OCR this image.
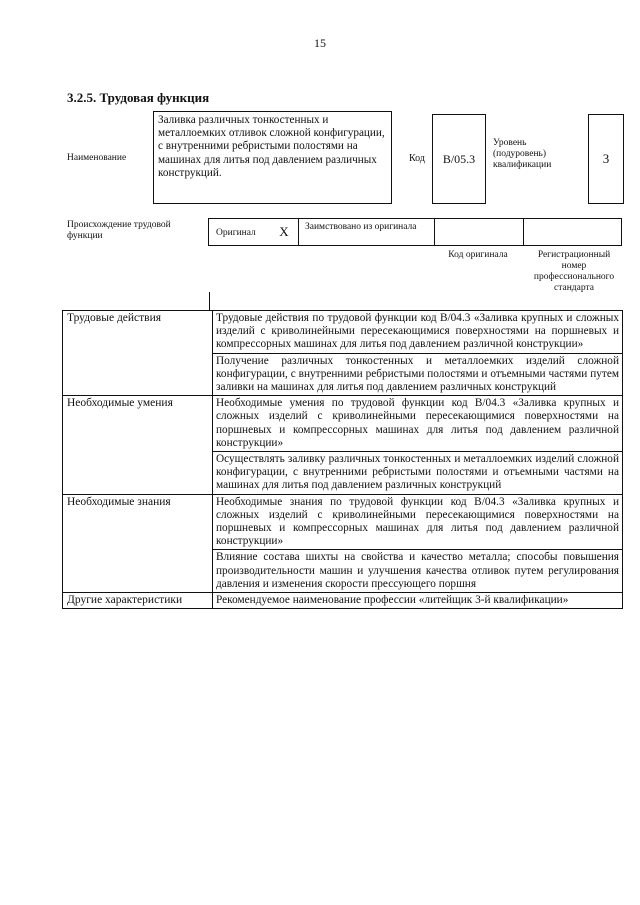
15
3.2.5. Трудовая функция
Наименование
Заливка различных тонкостенных и металлоемких отливок сложной конфигурации, с внутренними ребристыми полостями на машинах для литья под давлением различных конструкций.
Код	B/05.3
Уровень (подуровень) квалификации	3
Происхождение трудовой функции	Оригинал	X	Заимствовано из оригинала
Код оригинала	Регистрационный номер профессионального стандарта
Трудовые действия	Трудовые действия по трудовой функции код В/04.3 «Заливка крупных и сложных изделий с криволинейными пересекающимися поверхностями на поршневых и компрессорных машинах для литья под давлением различной конструкции»
	Получение различных тонкостенных и металлоемких изделий сложной конфигурации, с внутренними ребристыми полостями и отъемными частями путем заливки на машинах для литья под давлением различных конструкций
Необходимые умения	Необходимые умения по трудовой функции код В/04.3 «Заливка крупных и сложных изделий с криволинейными пересекающимися поверхностями на поршневых и компрессорных машинах для литья под давлением различной конструкции»
	Осуществлять заливку различных тонкостенных и металлоемких изделий сложной конфигурации, с внутренними ребристыми полостями и отъемными частями на машинах для литья под давлением различных конструкций
Необходимые знания	Необходимые знания по трудовой функции код В/04.3 «Заливка крупных и сложных изделий с криволинейными пересекающимися поверхностями на поршневых и компрессорных машинах для литья под давлением различной конструкции»
	Влияние состава шихты на свойства и качество металла; способы повышения производительности машин и улучшения качества отливок путем регулирования давления и изменения скорости прессующего поршня
Другие характеристики	Рекомендуемое наименование профессии «литейщик 3-й квалификации»
